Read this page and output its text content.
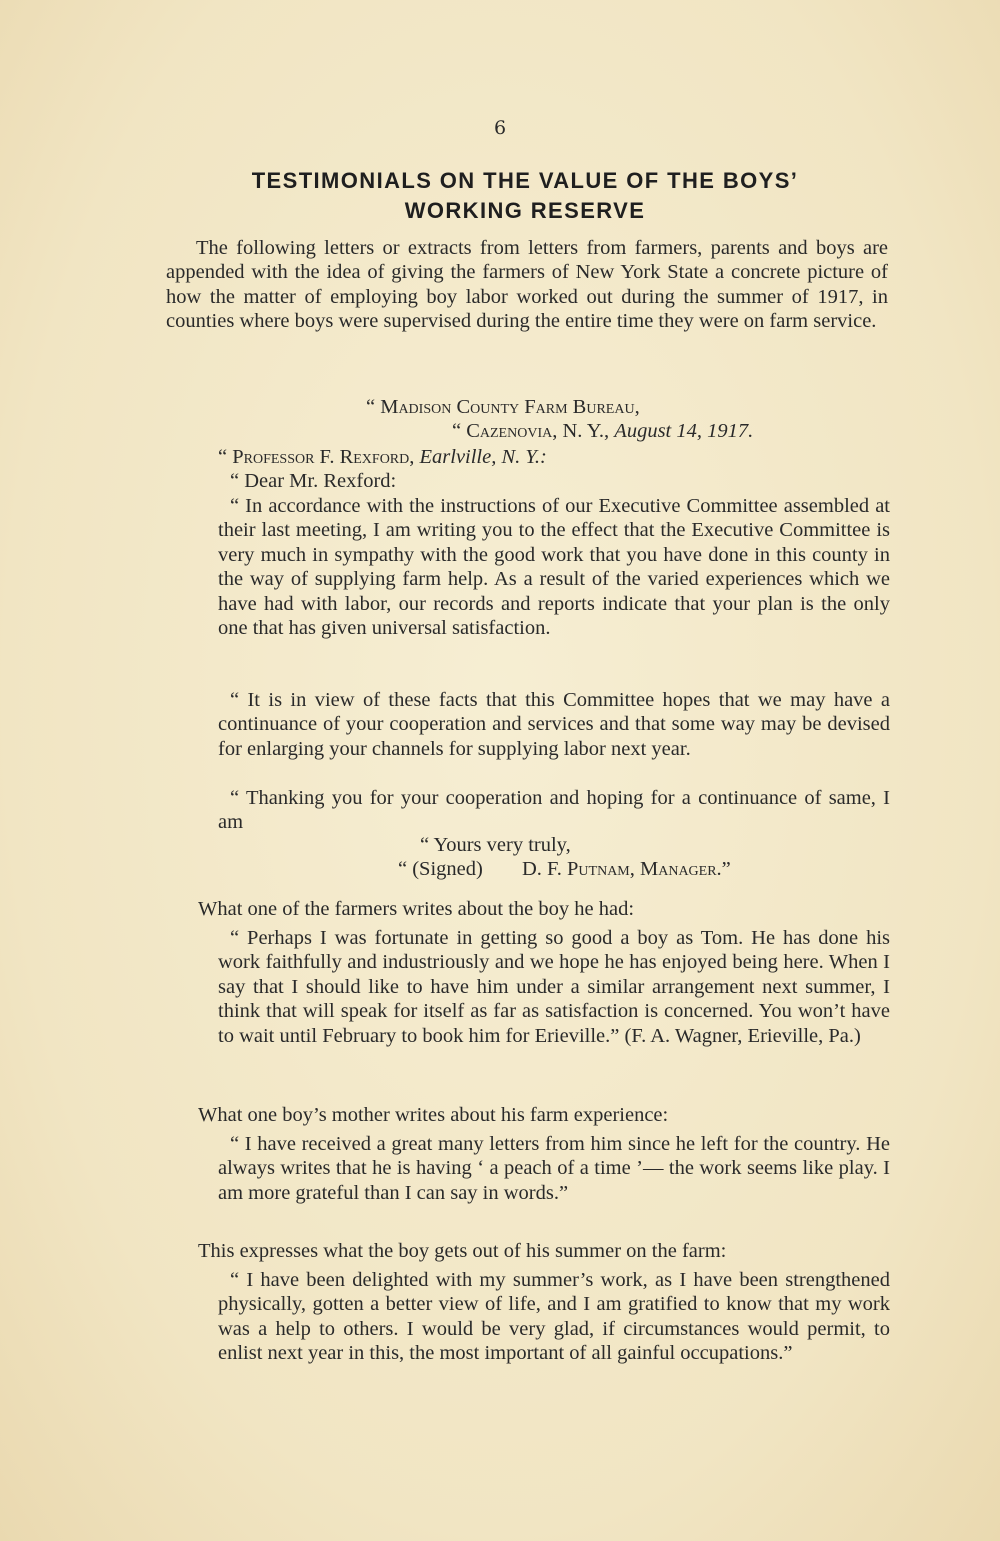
6
TESTIMONIALS ON THE VALUE OF THE BOYS’
WORKING RESERVE

The following letters or extracts from letters from farmers, parents and boys are appended with the idea of giving the farmers of New York State a concrete picture of how the matter of employing boy labor worked out during the summer of 1917, in counties where boys were supervised during the entire time they were on farm service.

“ Madison County Farm Bureau,
“ Cazenovia, N. Y., August 14, 1917.
“ Professor F. Rexford, Earlville, N. Y.:
“ Dear Mr. Rexford:

“ In accordance with the instructions of our Executive Committee assembled at their last meeting, I am writing you to the effect that the Executive Committee is very much in sympathy with the good work that you have done in this county in the way of supplying farm help. As a result of the varied experiences which we have had with labor, our records and reports indicate that your plan is the only one that has given universal satisfaction.

“ It is in view of these facts that this Committee hopes that we may have a continuance of your cooperation and services and that some way may be devised for enlarging your channels for supplying labor next year.

“ Thanking you for your cooperation and hoping for a continuance of same, I am

“ Yours very truly,
“ (Signed) D. F. Putnam, Manager.”
What one of the farmers writes about the boy he had:

“ Perhaps I was fortunate in getting so good a boy as Tom. He has done his work faithfully and industriously and we hope he has enjoyed being here. When I say that I should like to have him under a similar arrangement next summer, I think that will speak for itself as far as satisfaction is concerned. You won’t have to wait until February to book him for Erieville.” (F. A. Wagner, Erieville, Pa.)

What one boy’s mother writes about his farm experience:

“ I have received a great many letters from him since he left for the country. He always writes that he is having ‘ a peach of a time ’— the work seems like play. I am more grateful than I can say in words.”

This expresses what the boy gets out of his summer on the farm:

“ I have been delighted with my summer’s work, as I have been strengthened physically, gotten a better view of life, and I am gratified to know that my work was a help to others. I would be very glad, if circumstances would permit, to enlist next year in this, the most important of all gainful occupations.”
